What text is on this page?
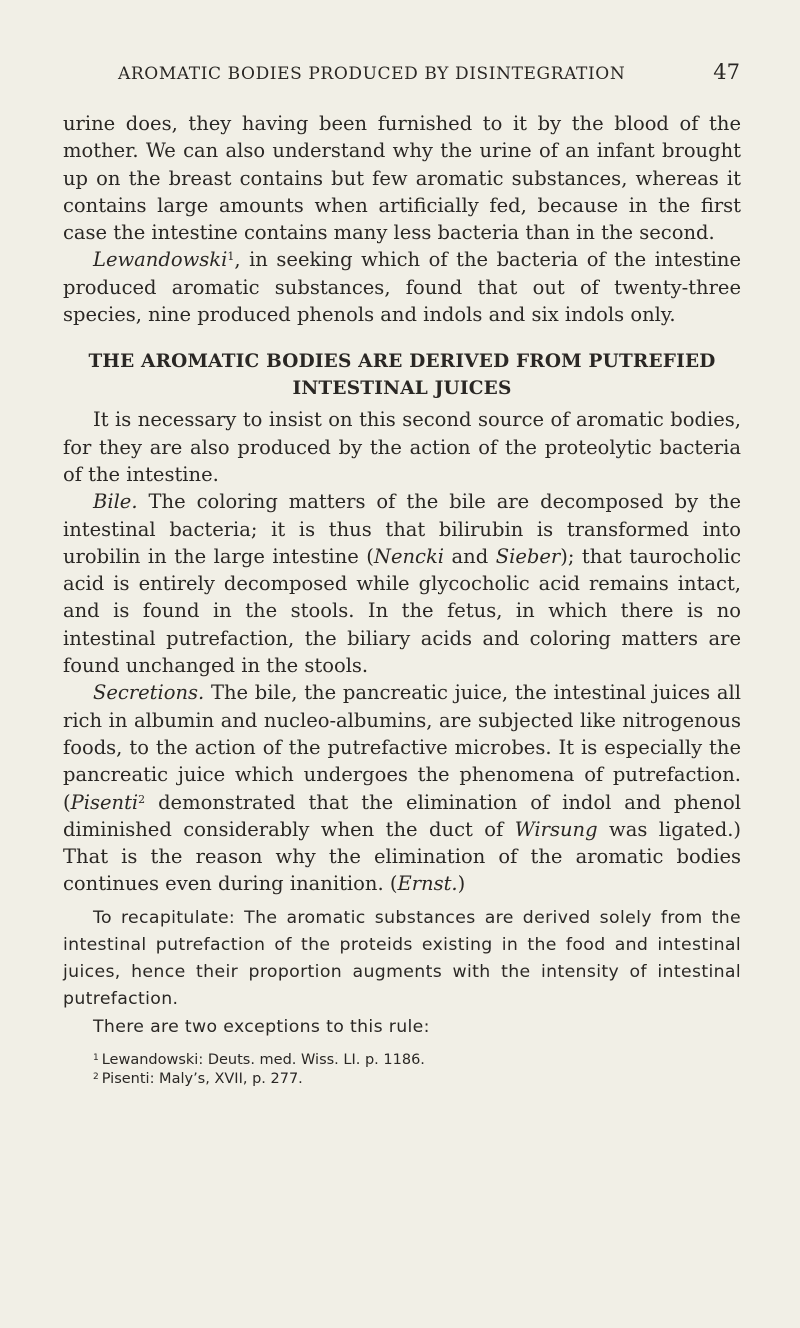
AROMATIC BODIES PRODUCED BY DISINTEGRATION	47

urine does, they having been furnished to it by the blood of the mother. We can also understand why the urine of an infant brought up on the breast contains but few aromatic substances, whereas it contains large amounts when artificially fed, because in the first case the intestine contains many less bacteria than in the second.

Lewandowski$^1$, in seeking which of the bacteria of the intestine produced aromatic substances, found that out of twenty-three species, nine produced phenols and indols and six indols only.

THE AROMATIC BODIES ARE DERIVED FROM PUTREFIED
INTESTINAL JUICES

It is necessary to insist on this second source of aromatic bodies, for they are also produced by the action of the proteolytic bacteria of the intestine.

Bile. The coloring matters of the bile are decomposed by the intestinal bacteria; it is thus that bilirubin is transformed into urobilin in the large intestine (Nencki and Sieber); that taurocholic acid is entirely decomposed while glycocholic acid remains intact, and is found in the stools. In the fetus, in which there is no intestinal putrefaction, the biliary acids and coloring matters are found unchanged in the stools.

Secretions. The bile, the pancreatic juice, the intestinal juices all rich in albumin and nucleo-albumins, are subjected like nitrogenous foods, to the action of the putrefactive microbes. It is especially the pancreatic juice which undergoes the phenomena of putrefaction. (Pisenti$^2$ demonstrated that the elimination of indol and phenol diminished considerably when the duct of Wirsung was ligated.) That is the reason why the elimination of the aromatic bodies continues even during inanition. (Ernst.)

To recapitulate: The aromatic substances are derived solely from the intestinal putrefaction of the proteids existing in the food and intestinal juices, hence their proportion augments with the intensity of intestinal putrefaction.

There are two exceptions to this rule:

$^1$ Lewandowski: Deuts. med. Wiss. LI. p. 1186.
$^2$ Pisenti: Maly’s, XVII, p. 277.
